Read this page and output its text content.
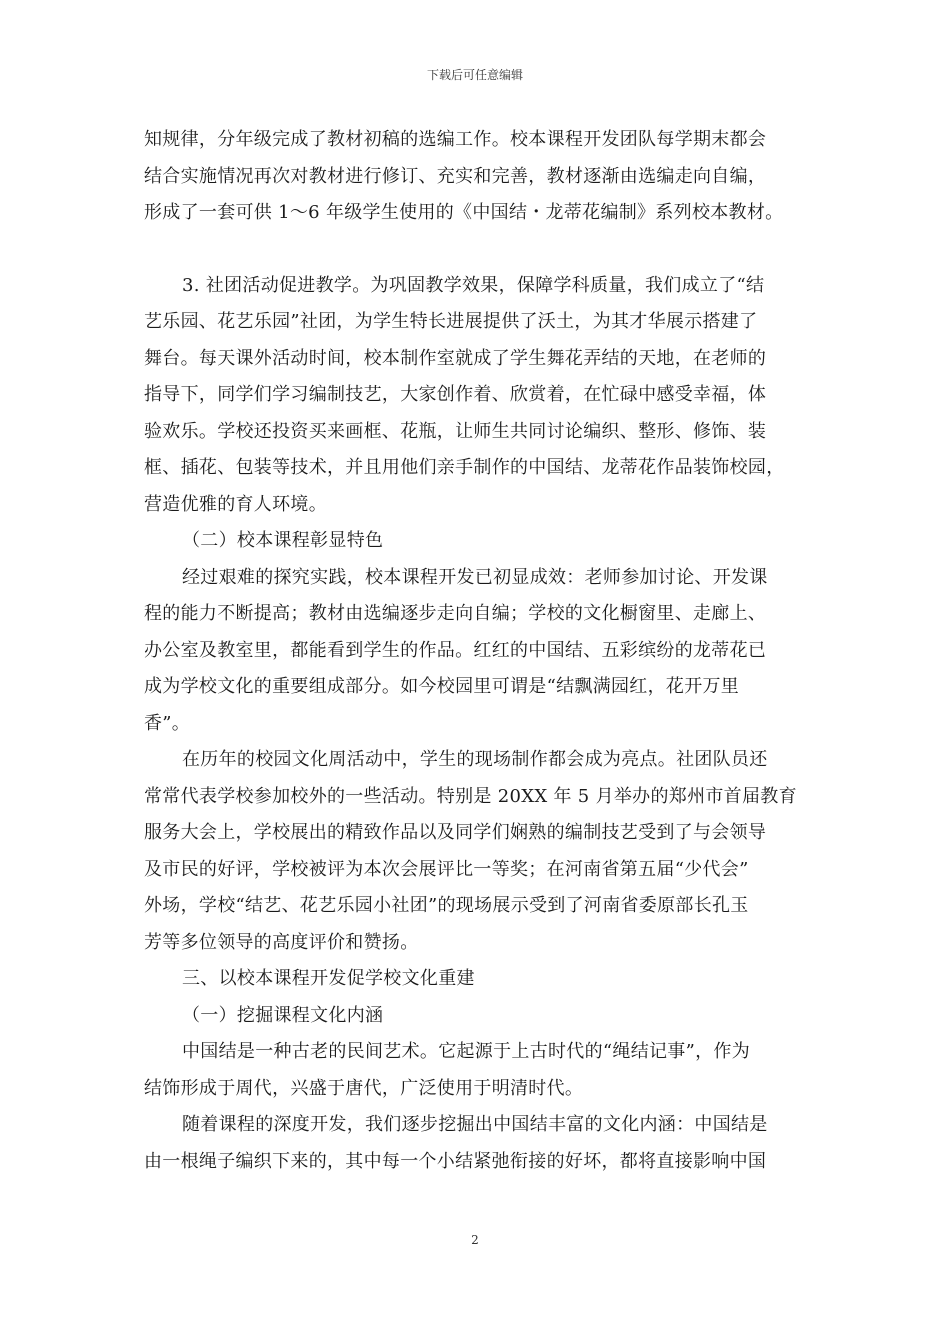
下载后可任意编辑
知规律，分年级完成了教材初稿的选编工作。校本课程开发团队每学期末都会
结合实施情况再次对教材进行修订、充实和完善，教材逐渐由选编走向自编，
形成了一套可供 1～6 年级学生使用的《中国结・龙蒂花编制》系列校本教材。
3. 社团活动促进教学。为巩固教学效果，保障学科质量，我们成立了“结
艺乐园、花艺乐园”社团，为学生特长进展提供了沃土，为其才华展示搭建了
舞台。每天课外活动时间，校本制作室就成了学生舞花弄结的天地，在老师的
指导下，同学们学习编制技艺，大家创作着、欣赏着，在忙碌中感受幸福，体
验欢乐。学校还投资买来画框、花瓶，让师生共同讨论编织、整形、修饰、装
框、插花、包装等技术，并且用他们亲手制作的中国结、龙蒂花作品装饰校园，
营造优雅的育人环境。
（二）校本课程彰显特色
经过艰难的探究实践，校本课程开发已初显成效：老师参加讨论、开发课
程的能力不断提高；教材由选编逐步走向自编；学校的文化橱窗里、走廊上、
办公室及教室里，都能看到学生的作品。红红的中国结、五彩缤纷的龙蒂花已
成为学校文化的重要组成部分。如今校园里可谓是“结飘满园红，花开万里
香”。
在历年的校园文化周活动中，学生的现场制作都会成为亮点。社团队员还
常常代表学校参加校外的一些活动。特别是 20XX 年 5 月举办的郑州市首届教育
服务大会上，学校展出的精致作品以及同学们娴熟的编制技艺受到了与会领导
及市民的好评，学校被评为本次会展评比一等奖；在河南省第五届“少代会”
外场，学校“结艺、花艺乐园小社团”的现场展示受到了河南省委原部长孔玉
芳等多位领导的高度评价和赞扬。
三、以校本课程开发促学校文化重建
（一）挖掘课程文化内涵
中国结是一种古老的民间艺术。它起源于上古时代的“绳结记事”，作为
结饰形成于周代，兴盛于唐代，广泛使用于明清时代。
随着课程的深度开发，我们逐步挖掘出中国结丰富的文化内涵：中国结是
由一根绳子编织下来的，其中每一个小结紧弛衔接的好坏，都将直接影响中国
2
